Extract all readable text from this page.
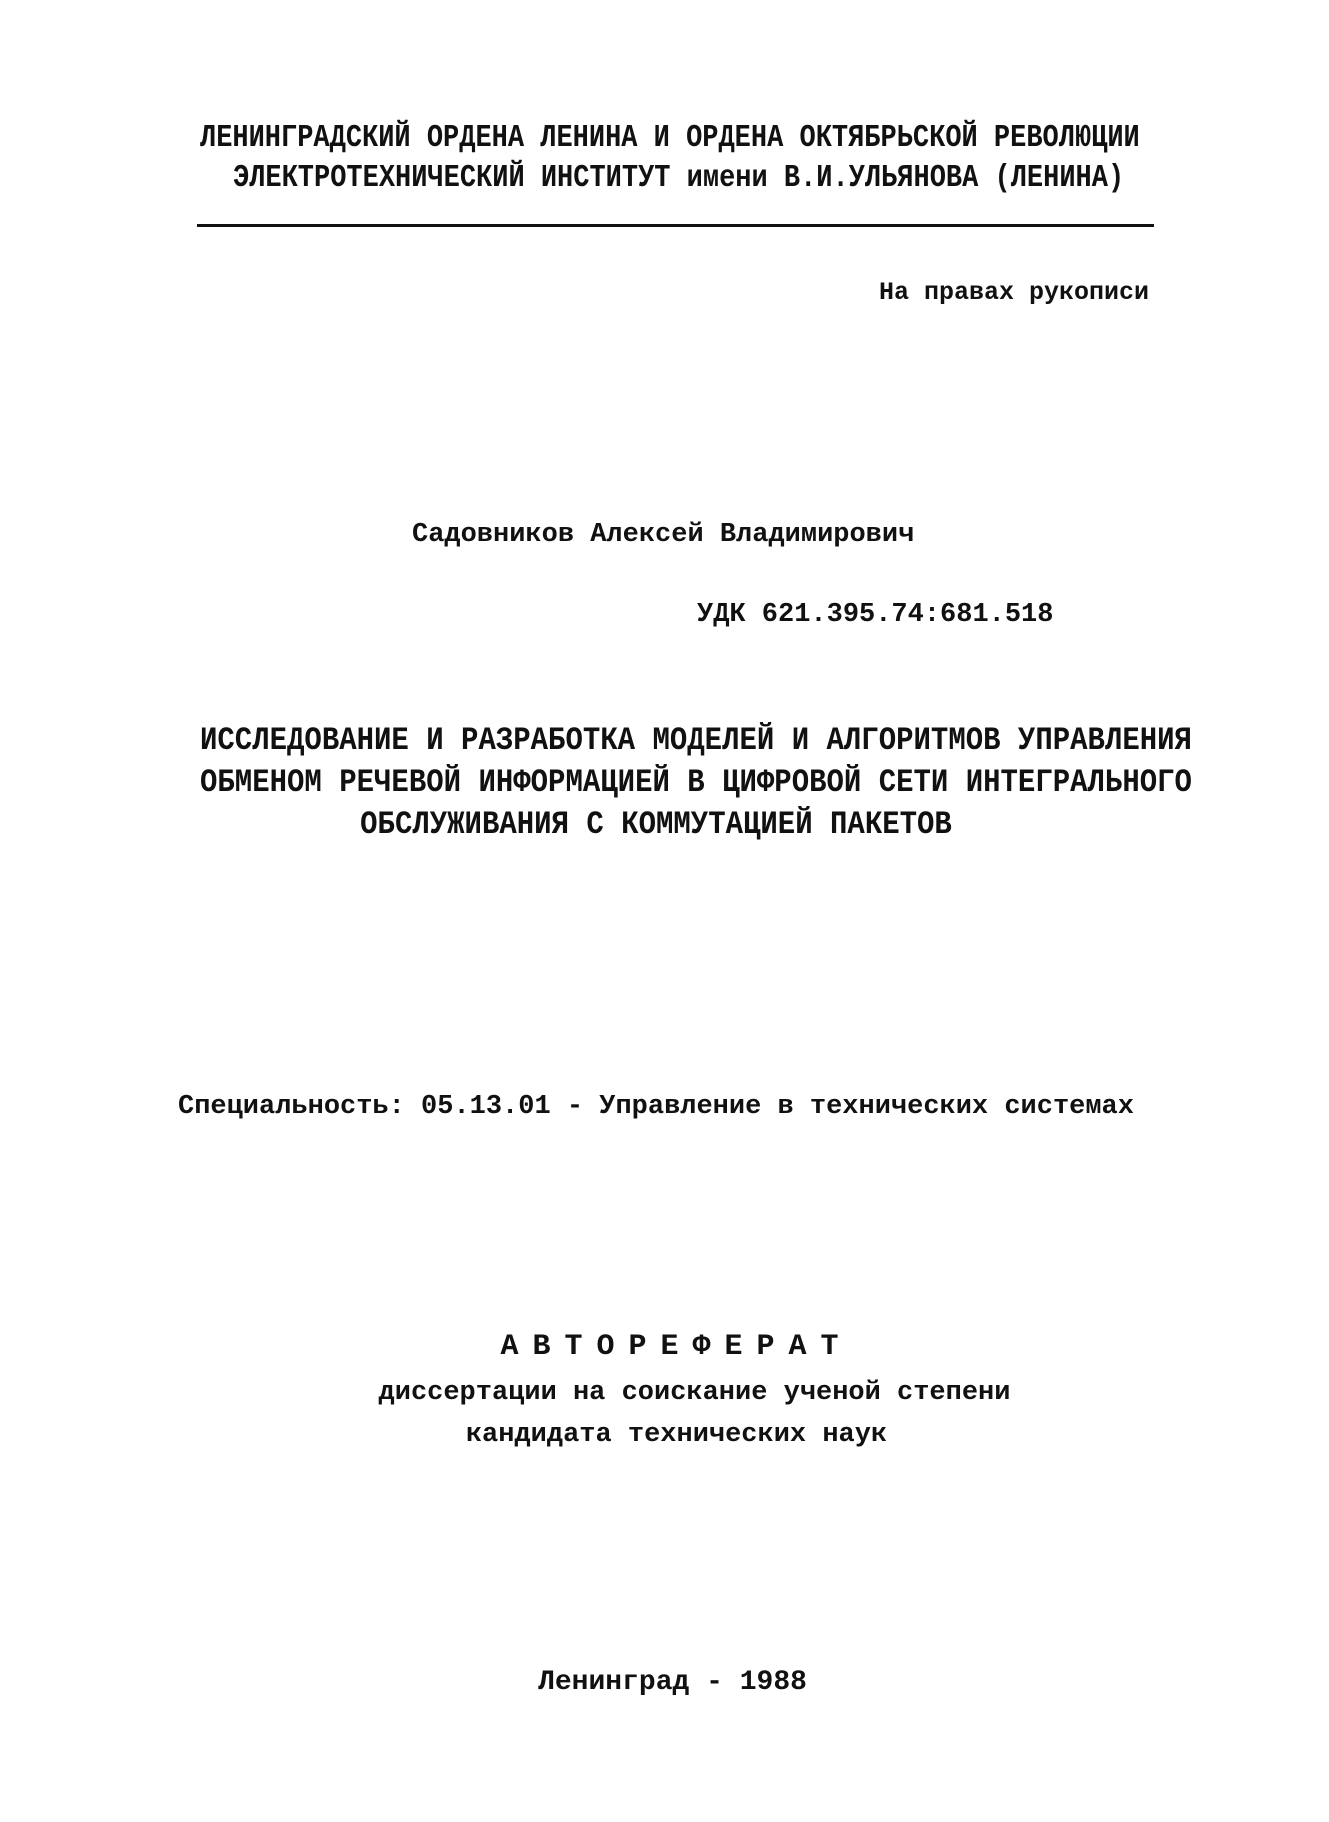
ЛЕНИНГРАДСКИЙ ОРДЕНА ЛЕНИНА И ОРДЕНА ОКТЯБРЬСКОЙ РЕВОЛЮЦИИ
ЭЛЕКТРОТЕХНИЧЕСКИЙ ИНСТИТУТ имени В.И.УЛЬЯНОВА (ЛЕНИНА)
На правах рукописи
Садовников Алексей Владимирович
УДК 621.395.74:681.518
ИССЛЕДОВАНИЕ И РАЗРАБОТКА МОДЕЛЕЙ И АЛГОРИТМОВ УПРАВЛЕНИЯ
ОБМЕНОМ РЕЧЕВОЙ ИНФОРМАЦИЕЙ В ЦИФРОВОЙ СЕТИ ИНТЕГРАЛЬНОГО
ОБСЛУЖИВАНИЯ С КОММУТАЦИЕЙ ПАКЕТОВ
Специальность: 05.13.01 - Управление в технических системах
АВТОРЕФЕРАТ
диссертации на соискание ученой степени
кандидата технических наук
Ленинград - 1988
